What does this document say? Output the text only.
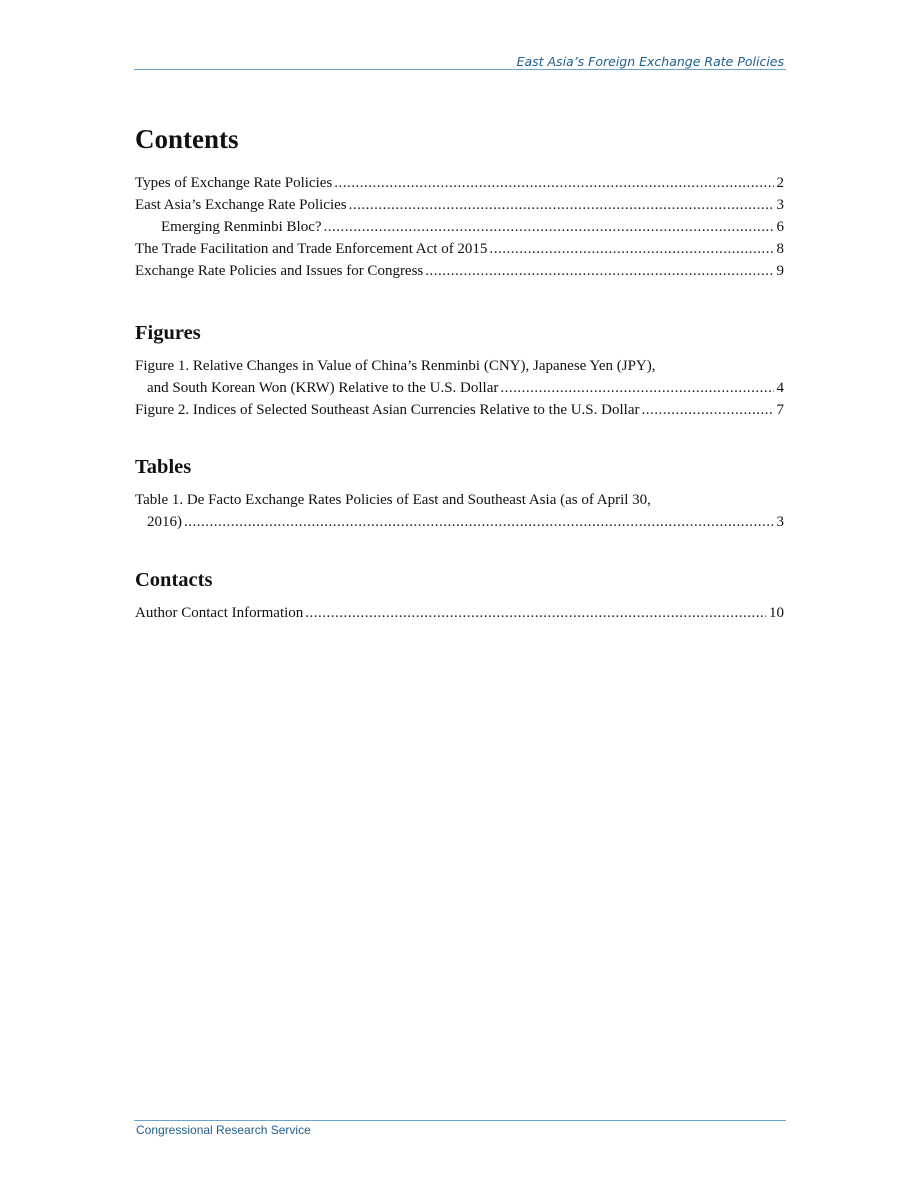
East Asia’s Foreign Exchange Rate Policies
Contents
Types of Exchange Rate Policies .....	2
East Asia’s Exchange Rate Policies .....	3
Emerging Renminbi Bloc? .....	6
The Trade Facilitation and Trade Enforcement Act of 2015 .....	8
Exchange Rate Policies and Issues for Congress .....	9
Figures
Figure 1. Relative Changes in Value of China’s Renminbi (CNY), Japanese Yen (JPY),
and South Korean Won (KRW) Relative to the U.S. Dollar .....	4
Figure 2. Indices of Selected Southeast Asian Currencies Relative to the U.S. Dollar .....	7
Tables
Table 1. De Facto Exchange Rates Policies of East and Southeast Asia (as of April 30,
2016) .....	3
Contacts
Author Contact Information .....	10
Congressional Research Service
